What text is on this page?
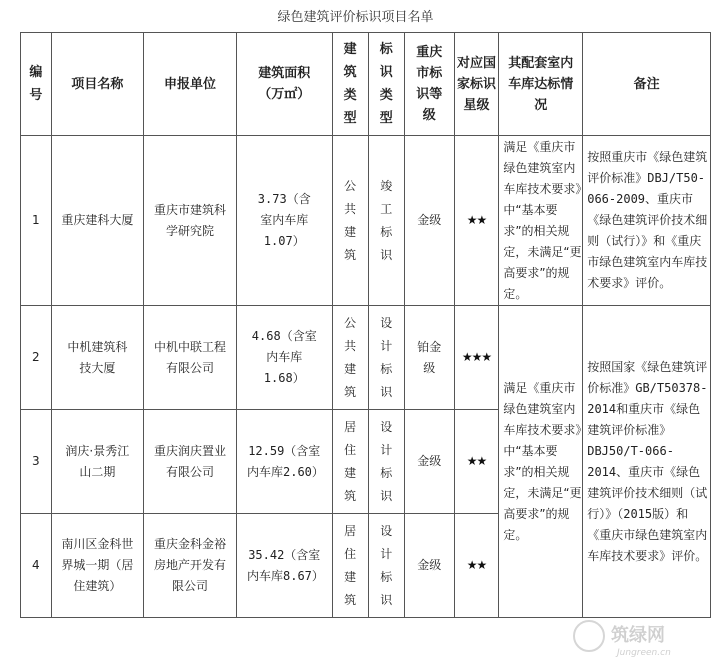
绿色建筑评价标识项目名单
编号	项目名称	申报单位	建筑面积（万㎡）	建筑类型	标识类型	重庆市标识等级	对应国家标识星级	其配套室内车库达标情况	备注
1	重庆建科大厦	重庆市建筑科学研究院	3.73（含室内车库1.07）	公共建筑	竣工标识	金级	★★	满足《重庆市绿色建筑室内车库技术要求》中“基本要求”的相关规定，未满足“更高要求”的规定。	按照重庆市《绿色建筑评价标准》DBJ/T50-066-2009、重庆市《绿色建筑评价技术细则（试行）》和《重庆市绿色建筑室内车库技术要求》评价。
2	中机建筑科技大厦	中机中联工程有限公司	4.68（含室内车库1.68）	公共建筑	设计标识	铂金级	★★★	满足《重庆市绿色建筑室内车库技术要求》中“基本要求”的相关规定，未满足“更高要求”的规定。	按照国家《绿色建筑评价标准》GB/T50378-2014和重庆市《绿色建筑评价标准》DBJ50/T-066-2014、重庆市《绿色建筑评价技术细则（试行）》（2015版）和《重庆市绿色建筑室内车库技术要求》评价。
3	润庆·景秀江山二期	重庆润庆置业有限公司	12.59（含室内车库2.60）	居住建筑	设计标识	金级	★★		
4	南川区金科世界城一期（居住建筑）	重庆金科金裕房地产开发有限公司	35.42（含室内车库8.67）	居住建筑	设计标识	金级	★★		
筑绿网
Jungreen.cn
